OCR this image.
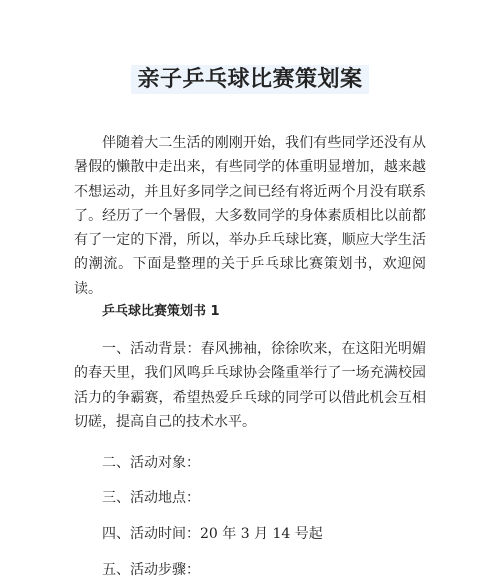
亲子乒乓球比赛策划案
伴随着大二生活的刚刚开始，我们有些同学还没有从暑假的懒散中走出来，有些同学的体重明显增加，越来越不想运动，并且好多同学之间已经有将近两个月没有联系了。经历了一个暑假，大多数同学的身体素质相比以前都有了一定的下滑，所以，举办乒乓球比赛，顺应大学生活的潮流。下面是整理的关于乒乓球比赛策划书，欢迎阅读。
乒乓球比赛策划书 1
一、活动背景：春风拂袖，徐徐吹来，在这阳光明媚的春天里，我们风鸣乒乓球协会隆重举行了一场充满校园活力的争霸赛，希望热爱乒乓球的同学可以借此机会互相切磋，提高自己的技术水平。
二、活动对象：
三、活动地点：
四、活动时间：20 年 3 月 14 号起
五、活动步骤：
